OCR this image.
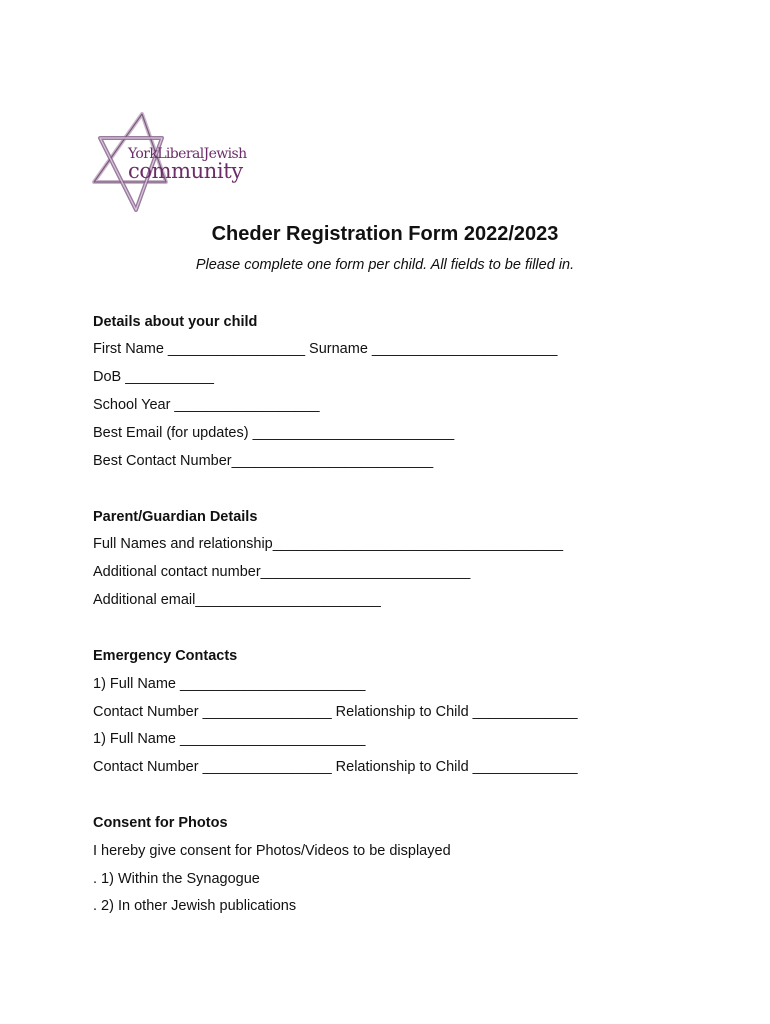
YorkLiberalJewish
community
Cheder Registration Form 2022/2023
Please complete one form per child. All fields to be filled in.
Details about your child
First Name _________________ Surname _______________________
DoB ___________
School Year __________________
Best Email (for updates) _________________________
Best Contact Number_________________________
Parent/Guardian Details
Full Names and relationship____________________________________
Additional contact number__________________________
Additional email_______________________
Emergency Contacts
1) Full Name _______________________
Contact Number ________________ Relationship to Child _____________
1) Full Name _______________________
Contact Number ________________ Relationship to Child _____________
Consent for Photos
I hereby give consent for Photos/Videos to be displayed
. 1) Within the Synagogue
. 2) In other Jewish publications
